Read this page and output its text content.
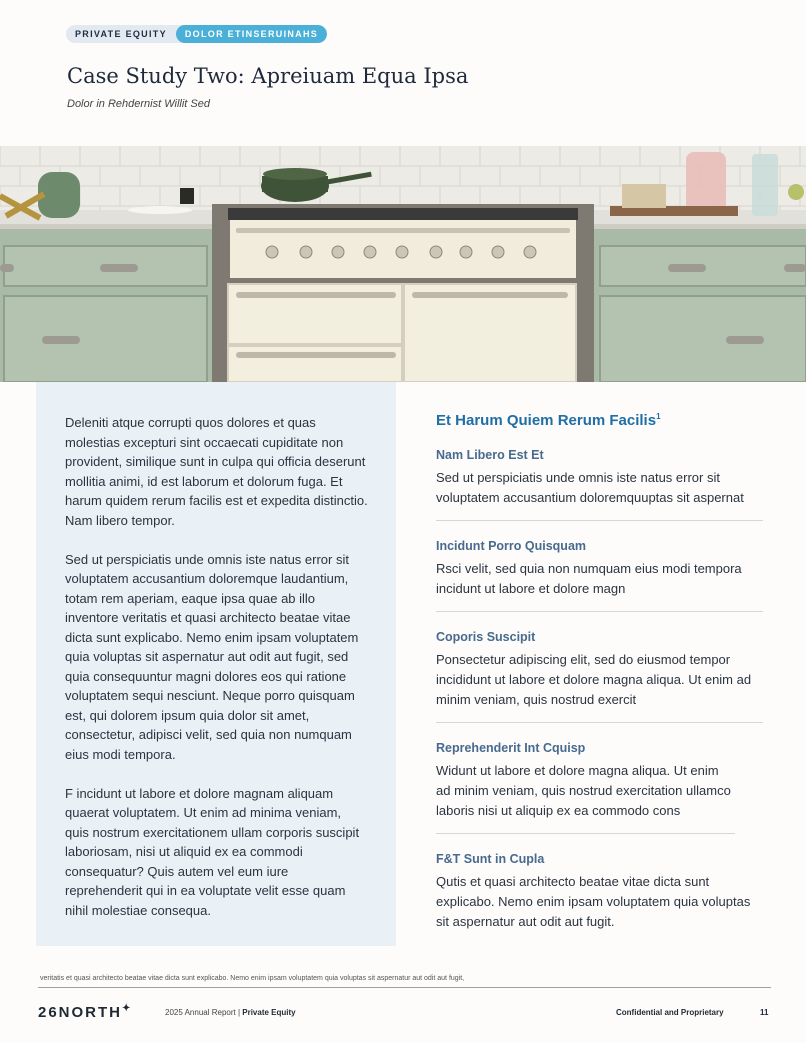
PRIVATE EQUITY	DOLOR ETINSERUINAHS
Case Study Two: Apreiuam Equa Ipsa
Dolor in Rehdernist Willit Sed

Deleniti atque corrupti quos dolores et quas molestias excepturi sint occaecati cupiditate non provident, similique sunt in culpa qui officia deserunt mollitia animi, id est laborum et dolorum fuga. Et harum quidem rerum facilis est et expedita distinctio. Nam libero tempor.

Sed ut perspiciatis unde omnis iste natus error sit voluptatem accusantium doloremque laudantium, totam rem aperiam, eaque ipsa quae ab illo inventore veritatis et quasi architecto beatae vitae dicta sunt explicabo. Nemo enim ipsam voluptatem quia voluptas sit aspernatur aut odit aut fugit, sed quia consequuntur magni dolores eos qui ratione voluptatem sequi nesciunt. Neque porro quisquam est, qui dolorem ipsum quia dolor sit amet, consectetur, adipisci velit, sed quia non numquam eius modi tempora.

F incidunt ut labore et dolore magnam aliquam quaerat voluptatem. Ut enim ad minima veniam, quis nostrum exercitationem ullam corporis suscipit laboriosam, nisi ut aliquid ex ea commodi consequatur? Quis autem vel eum iure reprehenderit qui in ea voluptate velit esse quam nihil molestiae consequa.

Et Harum Quiem Rerum Facilis$^1$
Nam Libero Est Et
Sed ut perspiciatis unde omnis iste natus error sit voluptatem accusantium doloremquuptas sit aspernat
Incidunt Porro Quisquam
Rsci velit, sed quia non numquam eius modi tempora incidunt ut labore et dolore magn
Coporis Suscipit
Ponsectetur adipiscing elit, sed do eiusmod tempor incididunt ut labore et dolore magna aliqua. Ut enim ad minim veniam, quis nostrud exercit
Reprehenderit Int Cquisp
Widunt ut labore et dolore magna aliqua. Ut enim ad minim veniam, quis nostrud exercitation ullamco laboris nisi ut aliquip ex ea commodo cons
F&T Sunt in Cupla
Qutis et quasi architecto beatae vitae dicta sunt explicabo. Nemo enim ipsam voluptatem quia voluptas sit aspernatur aut odit aut fugit.
veritatis et quasi architecto beatae vitae dicta sunt explicabo. Nemo enim ipsam voluptatem quia voluptas sit aspernatur aut odit aut fugit,
26NORTH✦	2025 Annual Report | Private Equity	Confidential and Proprietary	11
